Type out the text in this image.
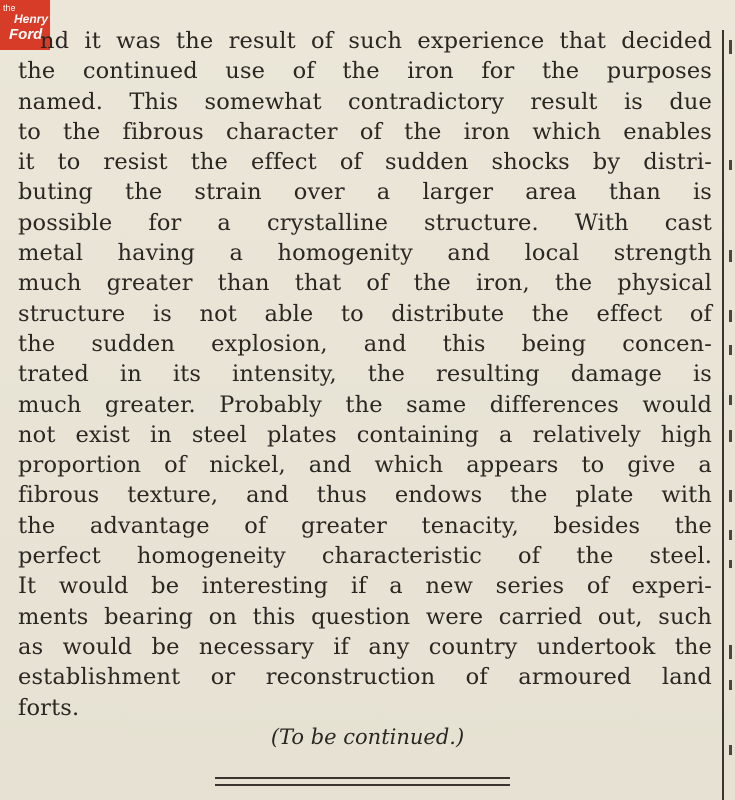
the
Henry
Ford
nd it was the result of such experience that decided
the continued use of the iron for the purposes
named. This somewhat contradictory result is due
to the fibrous character of the iron which enables
it to resist the effect of sudden shocks by distri-
buting the strain over a larger area than is
possible for a crystalline structure. With cast
metal having a homogenity and local strength
much greater than that of the iron, the physical
structure is not able to distribute the effect of
the sudden explosion, and this being concen-
trated in its intensity, the resulting damage is
much greater. Probably the same differences would
not exist in steel plates containing a relatively high
proportion of nickel, and which appears to give a
fibrous texture, and thus endows the plate with
the advantage of greater tenacity, besides the
perfect homogeneity characteristic of the steel.
It would be interesting if a new series of experi-
ments bearing on this question were carried out, such
as would be necessary if any country undertook the
establishment or reconstruction of armoured land
forts.
(To be continued.)
